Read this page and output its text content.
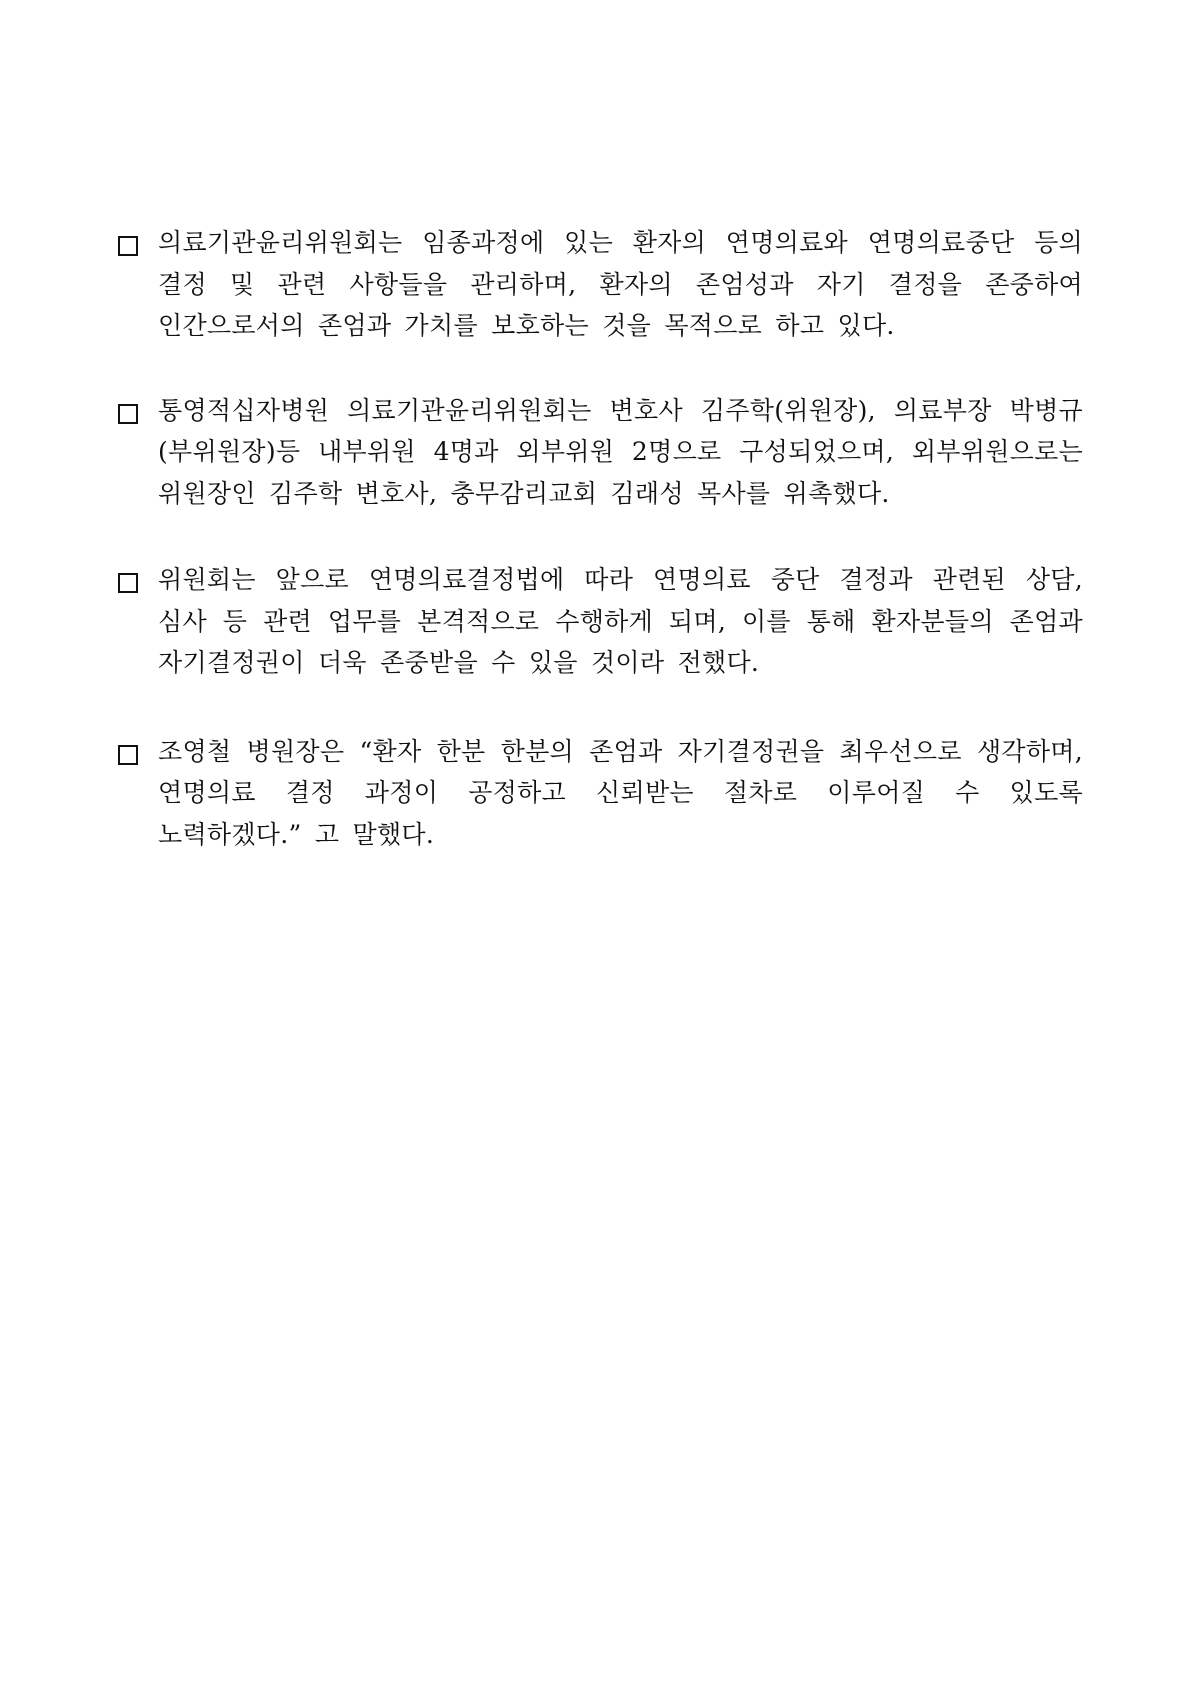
의료기관윤리위원회는 임종과정에 있는 환자의 연명의료와 연명의료중단 등의 결정 및 관련 사항들을 관리하며, 환자의 존엄성과 자기 결정을 존중하여 인간으로서의 존엄과 가치를 보호하는 것을 목적으로 하고 있다.
통영적십자병원 의료기관윤리위원회는 변호사 김주학(위원장), 의료부장 박병규(부위원장)등 내부위원 4명과 외부위원 2명으로 구성되었으며, 외부위원으로는 위원장인 김주학 변호사, 충무감리교회 김래성 목사를 위촉했다.
위원회는 앞으로 연명의료결정법에 따라 연명의료 중단 결정과 관련된 상담, 심사 등 관련 업무를 본격적으로 수행하게 되며, 이를 통해 환자분들의 존엄과 자기결정권이 더욱 존중받을 수 있을 것이라 전했다.
조영철 병원장은 “환자 한분 한분의 존엄과 자기결정권을 최우선으로 생각하며, 연명의료 결정 과정이 공정하고 신뢰받는 절차로 이루어질 수 있도록 노력하겠다.” 고 말했다.
